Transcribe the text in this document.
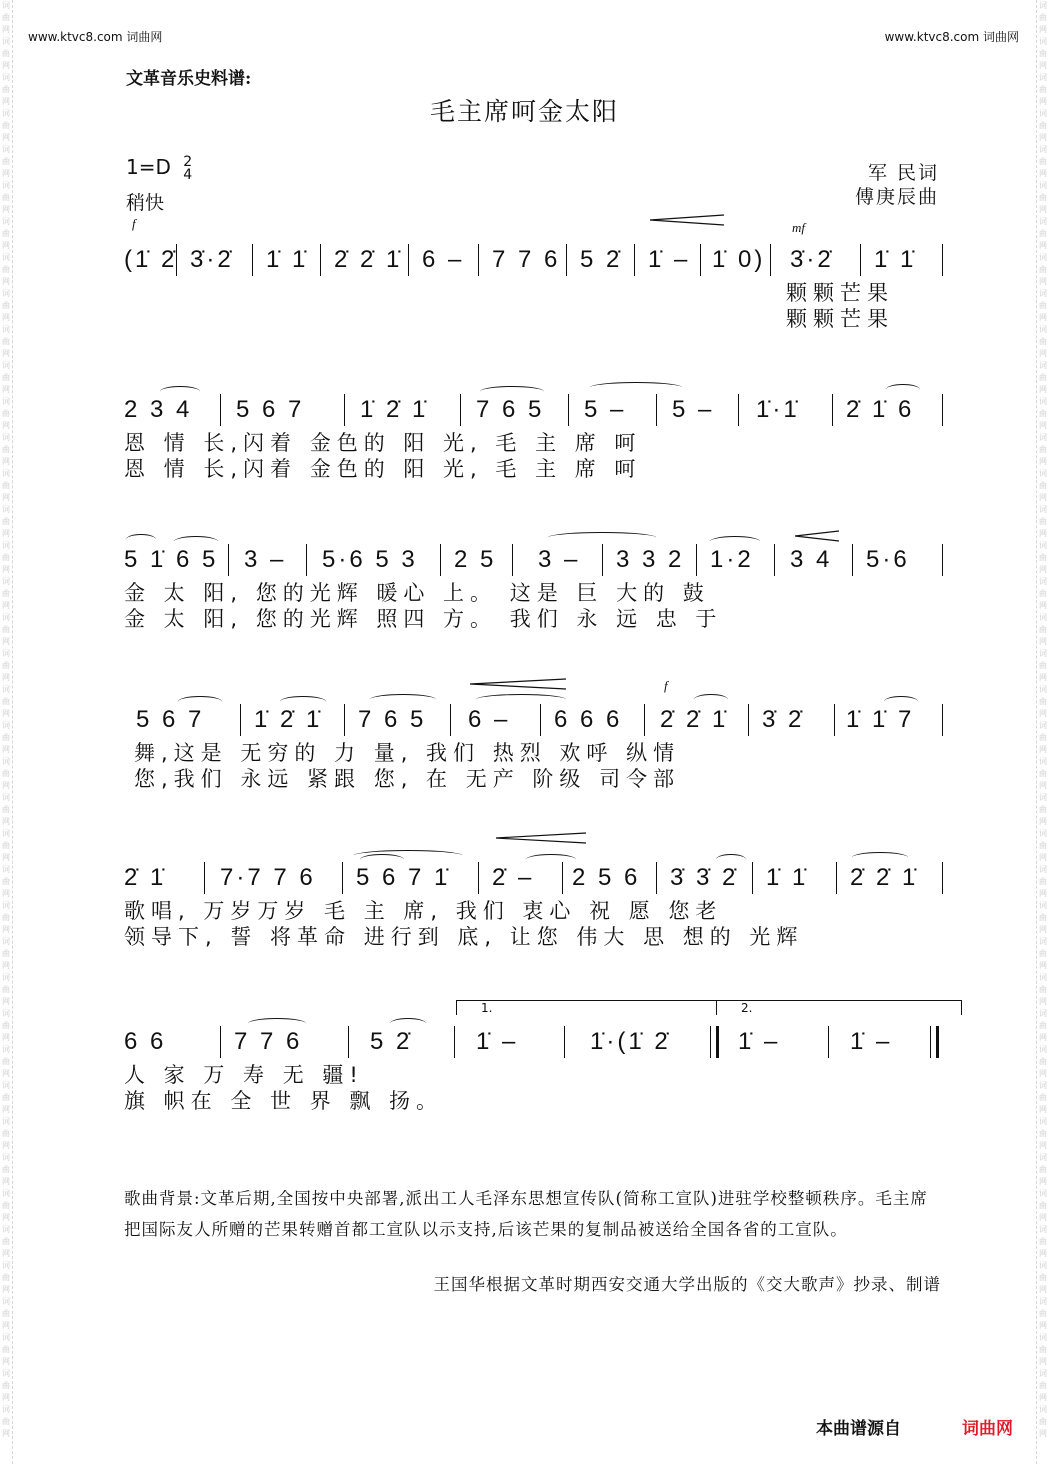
词曲网词曲网词曲网词曲网词曲网词曲网词曲网词曲网词曲网词曲网词曲网词曲网词曲网词曲网词曲网词曲网词曲网词曲网词曲网词曲网词曲网词曲网词曲网词曲网词曲网词曲网词曲网词曲网词曲网词曲网词曲网词曲网词曲网词曲网词曲网词曲网词曲网词曲网词曲网词曲网
词曲网词曲网词曲网词曲网词曲网词曲网词曲网词曲网词曲网词曲网词曲网词曲网词曲网词曲网词曲网词曲网词曲网词曲网词曲网词曲网词曲网词曲网词曲网词曲网词曲网词曲网词曲网词曲网词曲网词曲网词曲网词曲网词曲网词曲网词曲网词曲网词曲网词曲网词曲网词曲网
www.ktvc8.com 词曲网	www.ktvc8.com 词曲网
文革音乐史料谱:
毛主席呵金太阳
1=D 2
4
稍快
军 民词
傅庚辰曲
f	mf
f
(1̇ 2̇ 3̇·2̇ 1̇ 1̇ 2̇ 2̇ 1̇ 6 – 7 7 6 5 2̇ 1̇ – 1̇ 0) 3̇·2̇ 1̇ 1̇
颗颗芒果
颗颗芒果
2 3 4 5 6 7 1̇ 2̇ 1̇ 7 6 5 5 – 5 – 1̇·1̇ 2̇ 1̇ 6
恩 情 长,闪着 金色的 阳 光, 毛 主 席 呵
恩 情 长,闪着 金色的 阳 光, 毛 主 席 呵
5 1̇ 6 5 3 – 5·6 5 3 2 5 3 – 3 3 2 1·2 3 4 5·6
金 太 阳, 您的光辉 暖心 上。 这是 巨 大的 鼓
金 太 阳, 您的光辉 照四 方。 我们 永 远 忠 于
5 6 7 1̇ 2̇ 1̇ 7 6 5 6 – 6 6 6 2̇ 2̇ 1̇ 3̇ 2̇ 1̇ 1̇ 7
舞,这是 无穷的 力 量, 我们 热烈 欢呼 纵情
您,我们 永远 紧跟 您, 在 无产 阶级 司令部
2̇ 1̇ 7·7 7 6 5 6 7 1̇ 2̇ – 2 5 6 3̇ 3̇ 2̇ 1̇ 1̇ 2̇ 2̇ 1̇
歌唱, 万岁万岁 毛 主 席, 我们 衷心 祝 愿 您老
领导下, 誓 将革命 进行到 底, 让您 伟大 思 想的 光辉
1.	2.
6 6	7 7 6	5 2̇	1̇ –	1̇·(1̇ 2̇	1̇ –	1̇ –
人 家 万 寿 无 疆!
旗 帜在 全 世 界 飘 扬。
歌曲背景:文革后期,全国按中央部署,派出工人毛泽东思想宣传队(简称工宣队)进驻学校整顿秩序。毛主席把国际友人所赠的芒果转赠首都工宣队以示支持,后该芒果的复制品被送给全国各省的工宣队。
王国华根据文革时期西安交通大学出版的《交大歌声》抄录、制谱
本曲谱源自	词曲网
